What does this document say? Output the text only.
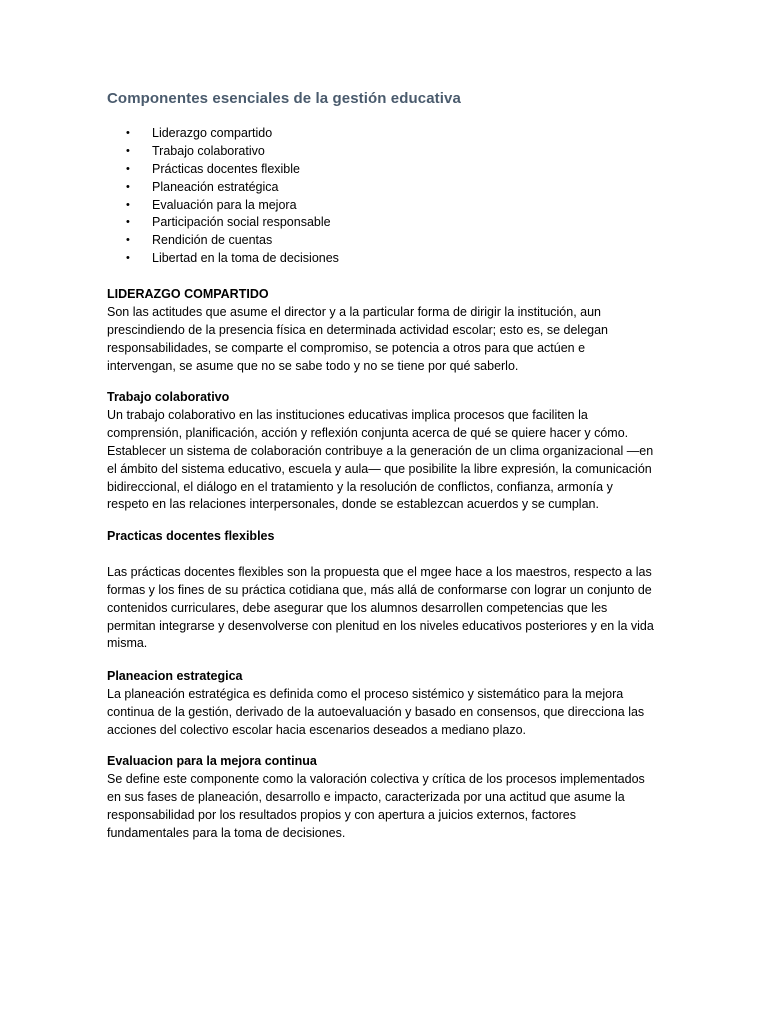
Componentes esenciales de la gestión educativa
• Liderazgo compartido
• Trabajo colaborativo
• Prácticas docentes flexible
• Planeación estratégica
• Evaluación para la mejora
• Participación social responsable
• Rendición de cuentas
• Libertad en la toma de decisiones
LIDERAZGO COMPARTIDO
Son las actitudes que asume el director y a la particular forma de dirigir la institución, aun
prescindiendo de la presencia física en determinada actividad escolar; esto es, se delegan
responsabilidades, se comparte el compromiso, se potencia a otros para que actúen e
intervengan, se asume que no se sabe todo y no se tiene por qué saberlo.
Trabajo colaborativo
Un trabajo colaborativo en las instituciones educativas implica procesos que faciliten la
comprensión, planificación, acción y reflexión conjunta acerca de qué se quiere hacer y cómo.
Establecer un sistema de colaboración contribuye a la generación de un clima organizacional —en
el ámbito del sistema educativo, escuela y aula— que posibilite la libre expresión, la comunicación
bidireccional, el diálogo en el tratamiento y la resolución de conflictos, confianza, armonía y
respeto en las relaciones interpersonales, donde se establezcan acuerdos y se cumplan.
Practicas docentes flexibles
Las prácticas docentes flexibles son la propuesta que el mgee hace a los maestros, respecto a las
formas y los fines de su práctica cotidiana que, más allá de conformarse con lograr un conjunto de
contenidos curriculares, debe asegurar que los alumnos desarrollen competencias que les
permitan integrarse y desenvolverse con plenitud en los niveles educativos posteriores y en la vida
misma.
Planeacion estrategica
La planeación estratégica es definida como el proceso sistémico y sistemático para la mejora
continua de la gestión, derivado de la autoevaluación y basado en consensos, que direcciona las
acciones del colectivo escolar hacia escenarios deseados a mediano plazo.
Evaluacion para la mejora continua
Se define este componente como la valoración colectiva y crítica de los procesos implementados
en sus fases de planeación, desarrollo e impacto, caracterizada por una actitud que asume la
responsabilidad por los resultados propios y con apertura a juicios externos, factores
fundamentales para la toma de decisiones.
